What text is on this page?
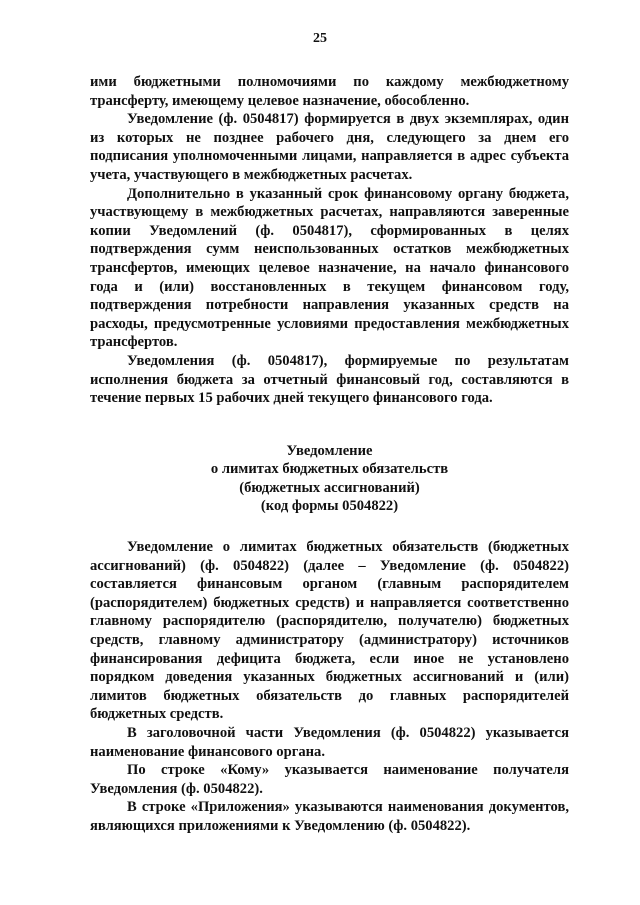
25

ими бюджетными полномочиями по каждому межбюджетному трансферту, имеющему целевое назначение, обособленно.

Уведомление (ф. 0504817) формируется в двух экземплярах, один из которых не позднее рабочего дня, следующего за днем его подписания уполномоченными лицами, направляется в адрес субъекта учета, участвующего в межбюджетных расчетах.

Дополнительно в указанный срок финансовому органу бюджета, участвующему в межбюджетных расчетах, направляются заверенные копии Уведомлений (ф. 0504817), сформированных в целях подтверждения сумм неиспользованных остатков межбюджетных трансфертов, имеющих целевое назначение, на начало финансового года и (или) восстановленных в текущем финансовом году, подтверждения потребности направления указанных средств на расходы, предусмотренные условиями предоставления межбюджетных трансфертов.

Уведомления (ф. 0504817), формируемые по результатам исполнения бюджета за отчетный финансовый год, составляются в течение первых 15 рабочих дней текущего финансового года.

Уведомление
о лимитах бюджетных обязательств
(бюджетных ассигнований)
(код формы 0504822)

Уведомление о лимитах бюджетных обязательств (бюджетных ассигнований) (ф. 0504822) (далее – Уведомление (ф. 0504822) составляется финансовым органом (главным распорядителем (распорядителем) бюджетных средств) и направляется соответственно главному распорядителю (распорядителю, получателю) бюджетных средств, главному администратору (администратору) источников финансирования дефицита бюджета, если иное не установлено порядком доведения указанных бюджетных ассигнований и (или) лимитов бюджетных обязательств до главных распорядителей бюджетных средств.

В заголовочной части Уведомления (ф. 0504822) указывается наименование финансового органа.

По строке «Кому» указывается наименование получателя Уведомления (ф. 0504822).

В строке «Приложения» указываются наименования документов, являющихся приложениями к Уведомлению (ф. 0504822).
